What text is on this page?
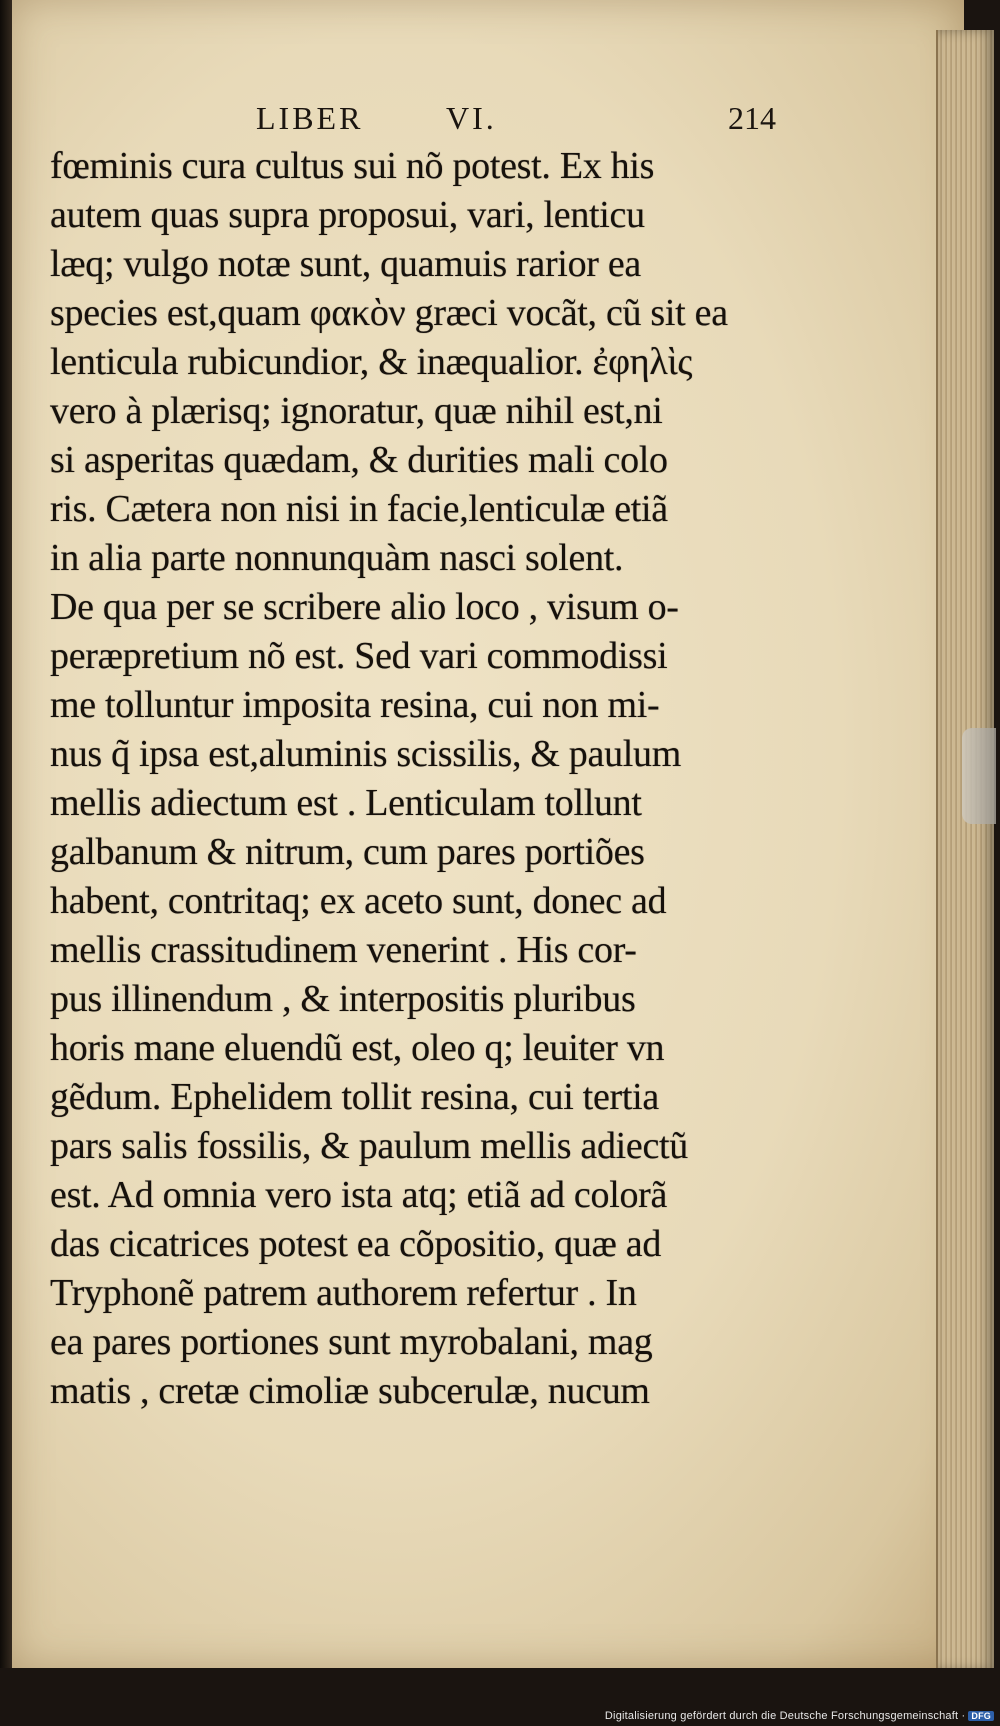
LIBER	VI.	214
fœminis cura cultus sui nõ potest. Ex his
autem quas supra proposui, vari, lenticu
læq; vulgo notæ sunt, quamuis rarior ea
species est,quam φακὸν græci vocãt, cũ sit ea
lenticula rubicundior, & inæqualior. ἐφηλὶς
vero à plærisq; ignoratur, quæ nihil est,ni
si asperitas quædam, & durities mali colo
ris. Cætera non nisi in facie,lenticulæ etiã
in alia parte nonnunquàm nasci solent.
De qua per se scribere alio loco , visum o-
peræpretium nõ est. Sed vari commodissi
me tolluntur imposita resina, cui non mi-
nus q̃ ipsa est,aluminis scissilis, & paulum
mellis adiectum est . Lenticulam tollunt
galbanum & nitrum, cum pares portiões
habent, contritaq; ex aceto sunt, donec ad
mellis crassitudinem venerint . His cor-
pus illinendum , & interpositis pluribus
horis mane eluendũ est, oleo q; leuiter vn
gẽdum. Ephelidem tollit resina, cui tertia
pars salis fossilis, & paulum mellis adiectũ
est. Ad omnia vero ista atq; etiã ad colorã
das cicatrices potest ea cõpositio, quæ ad
Tryphonẽ patrem authorem refertur . In
ea pares portiones sunt myrobalani, mag
matis , cretæ cimoliæ subcerulæ, nucum
Digitalisierung gefördert durch die Deutsche Forschungsgemeinschaft · DFG
